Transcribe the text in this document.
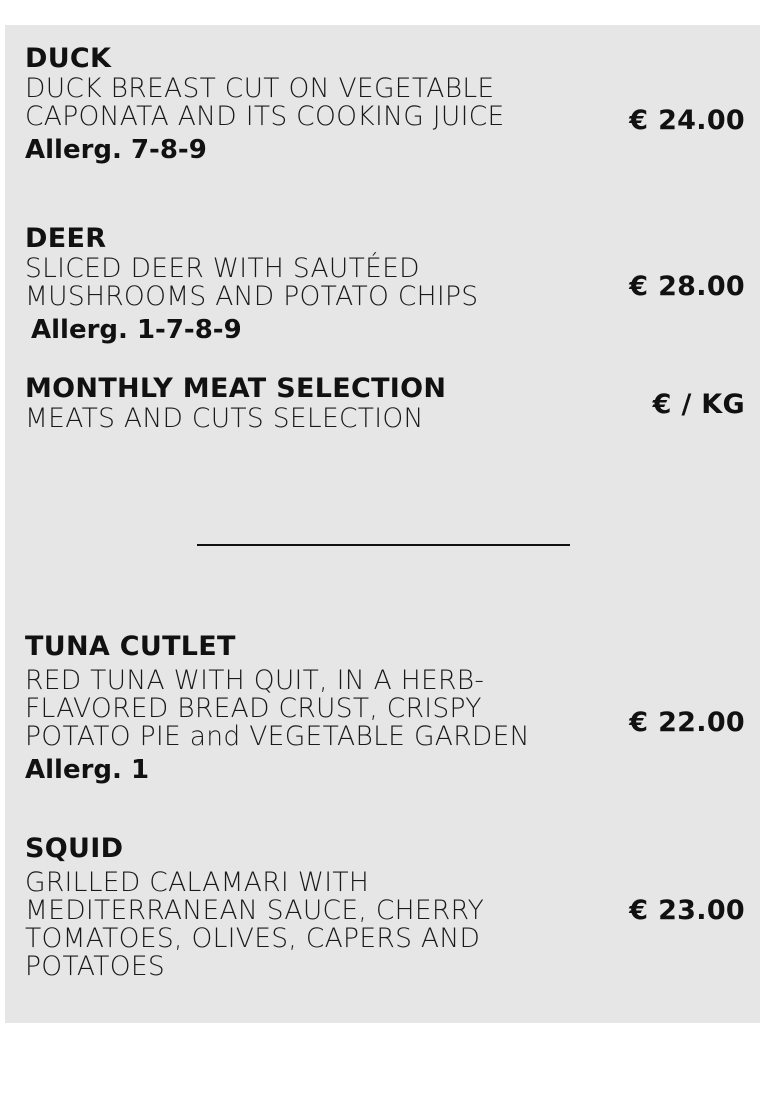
DUCK
DUCK BREAST CUT ON VEGETABLE CAPONATA AND ITS COOKING JUICE
Allerg. 7-8-9
€ 24.00
DEER
SLICED DEER WITH SAUTÉED MUSHROOMS AND POTATO CHIPS
Allerg. 1-7-8-9
€ 28.00
MONTHLY MEAT SELECTION
MEATS AND CUTS SELECTION	€ / KG
TUNA CUTLET
RED TUNA WITH QUIT, IN A HERB-FLAVORED BREAD CRUST, CRISPY POTATO PIE and VEGETABLE GARDEN
Allerg. 1
€ 22.00
SQUID
GRILLED CALAMARI WITH MEDITERRANEAN SAUCE, CHERRY TOMATOES, OLIVES, CAPERS AND POTATOES
€ 23.00
